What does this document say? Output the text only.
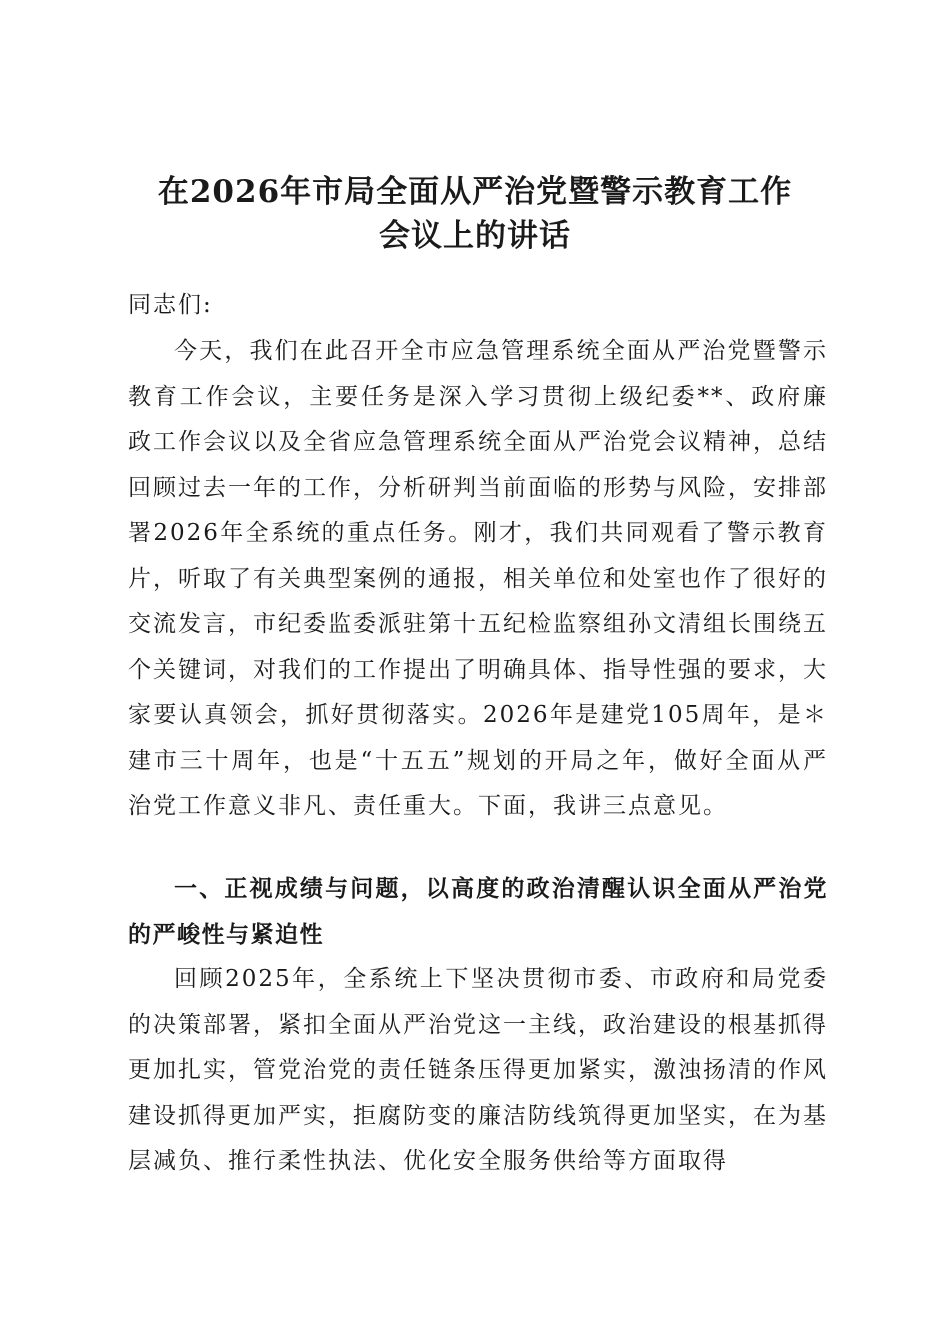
在2026年市局全面从严治党暨警示教育工作
会议上的讲话

同志们:

今天，我们在此召开全市应急管理系统全面从严治党暨警示教育工作会议，主要任务是深入学习贯彻上级纪委**、政府廉政工作会议以及全省应急管理系统全面从严治党会议精神，总结回顾过去一年的工作，分析研判当前面临的形势与风险，安排部署2026年全系统的重点任务。刚才，我们共同观看了警示教育片，听取了有关典型案例的通报，相关单位和处室也作了很好的交流发言，市纪委监委派驻第十五纪检监察组孙文清组长围绕五个关键词，对我们的工作提出了明确具体、指导性强的要求，大家要认真领会，抓好贯彻落实。2026年是建党105周年，是＊建市三十周年，也是“十五五”规划的开局之年，做好全面从严治党工作意义非凡、责任重大。下面，我讲三点意见。

一、正视成绩与问题，以高度的政治清醒认识全面从严治党的严峻性与紧迫性

回顾2025年，全系统上下坚决贯彻市委、市政府和局党委的决策部署，紧扣全面从严治党这一主线，政治建设的根基抓得更加扎实，管党治党的责任链条压得更加紧实，激浊扬清的作风建设抓得更加严实，拒腐防变的廉洁防线筑得更加坚实，在为基层减负、推行柔性执法、优化安全服务供给等方面取得
